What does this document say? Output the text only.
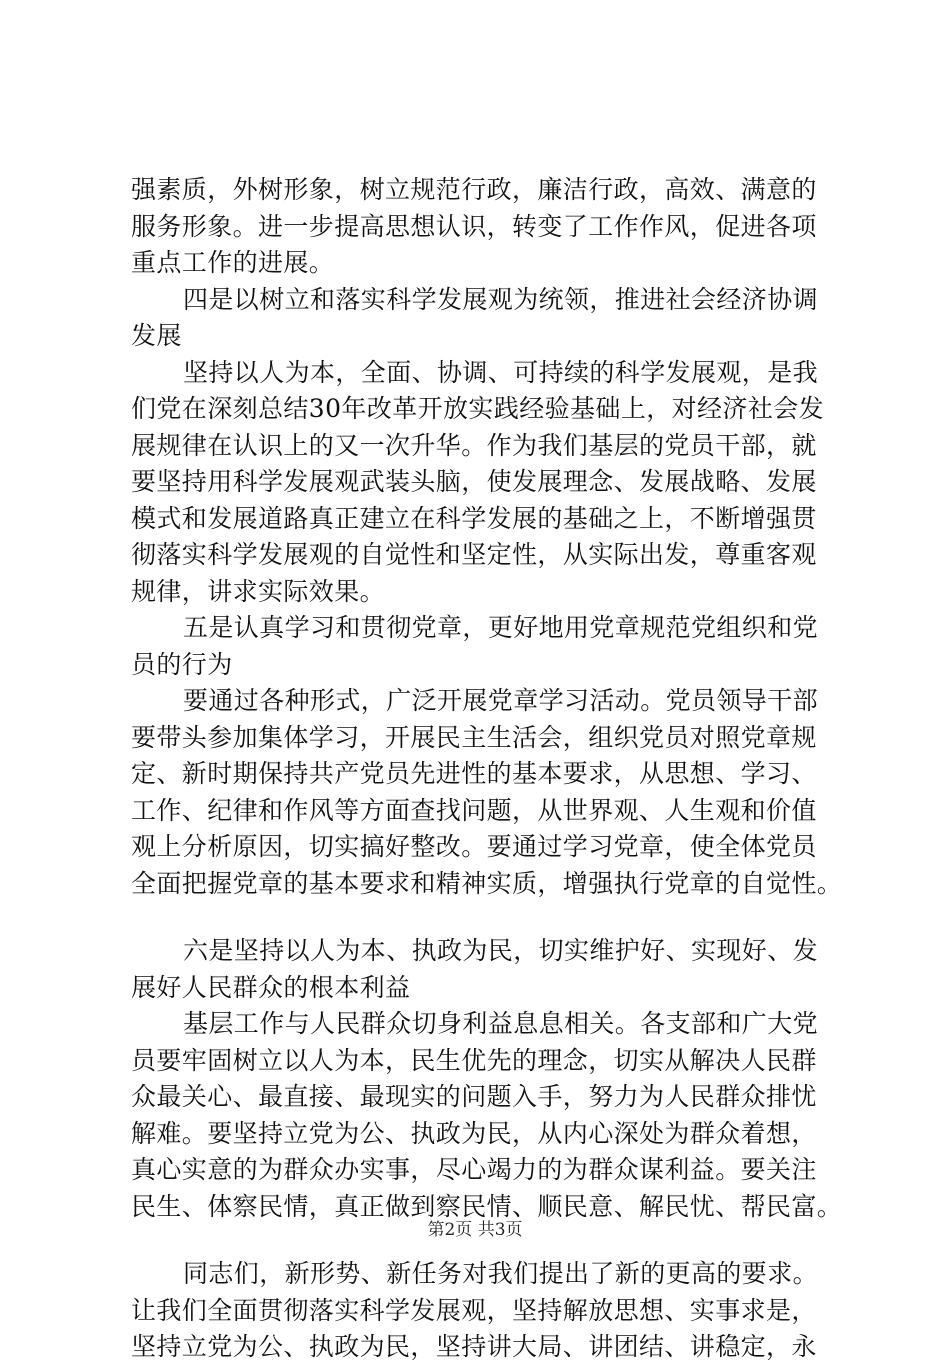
强素质，外树形象，树立规范行政，廉洁行政，高效、满意的
服务形象。进一步提高思想认识，转变了工作作风，促进各项
重点工作的进展。
四是以树立和落实科学发展观为统领，推进社会经济协调
发展
坚持以人为本，全面、协调、可持续的科学发展观，是我
们党在深刻总结30年改革开放实践经验基础上，对经济社会发
展规律在认识上的又一次升华。作为我们基层的党员干部，就
要坚持用科学发展观武装头脑，使发展理念、发展战略、发展
模式和发展道路真正建立在科学发展的基础之上，不断增强贯
彻落实科学发展观的自觉性和坚定性，从实际出发，尊重客观
规律，讲求实际效果。
五是认真学习和贯彻党章，更好地用党章规范党组织和党
员的行为
要通过各种形式，广泛开展党章学习活动。党员领导干部
要带头参加集体学习，开展民主生活会，组织党员对照党章规
定、新时期保持共产党员先进性的基本要求，从思想、学习、
工作、纪律和作风等方面查找问题，从世界观、人生观和价值
观上分析原因，切实搞好整改。要通过学习党章，使全体党员
全面把握党章的基本要求和精神实质，增强执行党章的自觉性。
六是坚持以人为本、执政为民，切实维护好、实现好、发
展好人民群众的根本利益
基层工作与人民群众切身利益息息相关。各支部和广大党
员要牢固树立以人为本，民生优先的理念，切实从解决人民群
众最关心、最直接、最现实的问题入手，努力为人民群众排忧
解难。要坚持立党为公、执政为民，从内心深处为群众着想，
真心实意的为群众办实事，尽心竭力的为群众谋利益。要关注
民生、体察民情，真正做到察民情、顺民意、解民忧、帮民富。
同志们，新形势、新任务对我们提出了新的更高的要求。
让我们全面贯彻落实科学发展观，坚持解放思想、实事求是，
坚持立党为公、执政为民，坚持讲大局、讲团结、讲稳定，永
第2页 共3页
